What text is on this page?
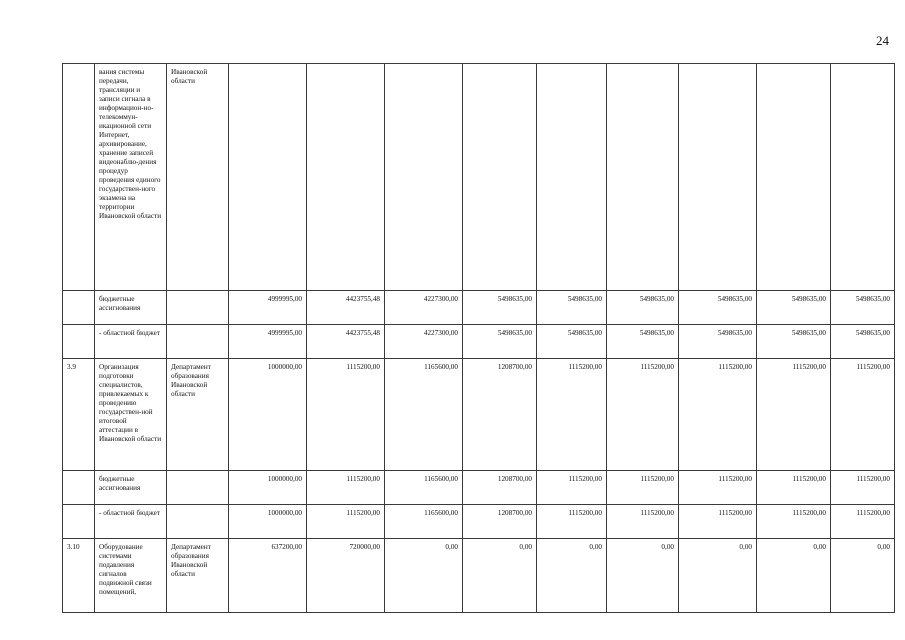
24
	вания системы передачи, трансляции и записи сигнала в информацион-но-телекоммун-икационной сети Интернет, архивирование, хранение записей видеонаблю-дения процедур проведения единого государствен-ного экзамена на территории Ивановской области	Ивановской области									
	бюджетные ассигнования		4999995,00	4423755,48	4227300,00	5498635,00	5498635,00	5498635,00	5498635,00	5498635,00	5498635,00
	- областной бюджет		4999995,00	4423755,48	4227300,00	5498635,00	5498635,00	5498635,00	5498635,00	5498635,00	5498635,00
3.9	Организация подготовки специалистов, привлекаемых к проведению государствен-ной итоговой аттестации в Ивановской области	Департамент образования Ивановской области	1000000,00	1115200,00	1165600,00	1208700,00	1115200,00	1115200,00	1115200,00	1115200,00	1115200,00
	бюджетные ассигнования		1000000,00	1115200,00	1165600,00	1208700,00	1115200,00	1115200,00	1115200,00	1115200,00	1115200,00
	- областной бюджет		1000000,00	1115200,00	1165600,00	1208700,00	1115200,00	1115200,00	1115200,00	1115200,00	1115200,00
3.10	Оборудование системами подавления сигналов подвижной связи помещений,	Департамент образования Ивановской области	637200,00	720000,00	0,00	0,00	0,00	0,00	0,00	0,00	0,00
